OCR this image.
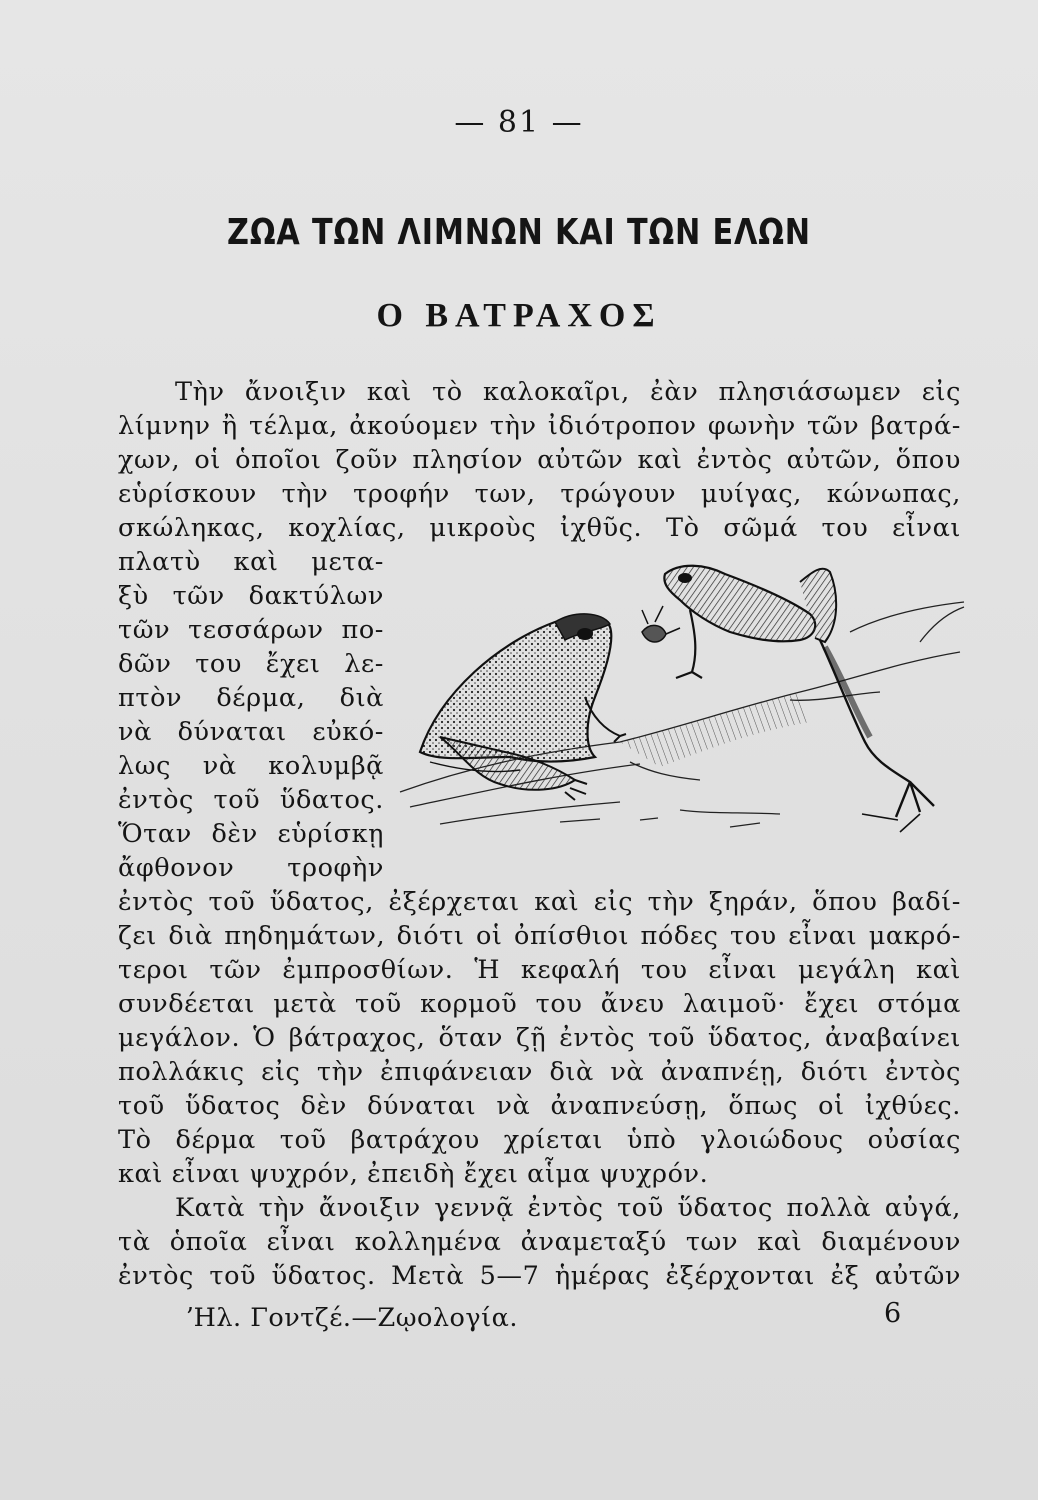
— 81 —
ΖΩΑ ΤΩΝ ΛΙΜΝΩΝ ΚΑΙ ΤΩΝ ΕΛΩΝ
Ο ΒΑΤΡΑΧΟΣ
Τὴν ἄνοιξιν καὶ τὸ καλοκαῖρι, ἐὰν πλησιάσωμεν εἰς
λίμνην ἢ τέλμα, ἀκούομεν τὴν ἰδιότροπον φωνὴν τῶν βατρά-
χων, οἱ ὁποῖοι ζοῦν πλησίον αὐτῶν καὶ ἐντὸς αὐτῶν, ὅπου
εὑρίσκουν τὴν τροφήν των, τρώγουν μυίγας, κώνωπας,
σκώληκας, κοχλίας, μικροὺς ἰχθῦς. Τὸ σῶμά του εἶναι
πλατὺ καὶ μετα-
ξὺ τῶν δακτύλων
τῶν τεσσάρων πο-
δῶν του ἔχει λε-
πτὸν δέρμα, διὰ
νὰ δύναται εὐκό-
λως νὰ κολυμβᾷ
ἐντὸς τοῦ ὕδατος.
Ὅταν δὲν εὑρίσκῃ
ἄφθονον τροφὴν
ἐντὸς τοῦ ὕδατος, ἐξέρχεται καὶ εἰς τὴν ξηράν, ὅπου βαδί-
ζει διὰ πηδημάτων, διότι οἱ ὀπίσθιοι πόδες του εἶναι μακρό-
τεροι τῶν ἐμπροσθίων. Ἡ κεφαλή του εἶναι μεγάλη καὶ
συνδέεται μετὰ τοῦ κορμοῦ του ἄνευ λαιμοῦ· ἔχει στόμα
μεγάλον. Ὁ βάτραχος, ὅταν ζῇ ἐντὸς τοῦ ὕδατος, ἀναβαίνει
πολλάκις εἰς τὴν ἐπιφάνειαν διὰ νὰ ἀναπνέῃ, διότι ἐντὸς
τοῦ ὕδατος δὲν δύναται νὰ ἀναπνεύσῃ, ὅπως οἱ ἰχθύες.
Τὸ δέρμα τοῦ βατράχου χρίεται ὑπὸ γλοιώδους οὐσίας
καὶ εἶναι ψυχρόν, ἐπειδὴ ἔχει αἷμα ψυχρόν.
Κατὰ τὴν ἄνοιξιν γεννᾷ ἐντὸς τοῦ ὕδατος πολλὰ αὐγά,
τὰ ὁποῖα εἶναι κολλημένα ἀναμεταξύ των καὶ διαμένουν
ἐντὸς τοῦ ὕδατος. Μετὰ 5—7 ἡμέρας ἐξέρχονται ἐξ αὐτῶν
ʼΗλ. Γοντζέ.—Ζῳολογία.	6
